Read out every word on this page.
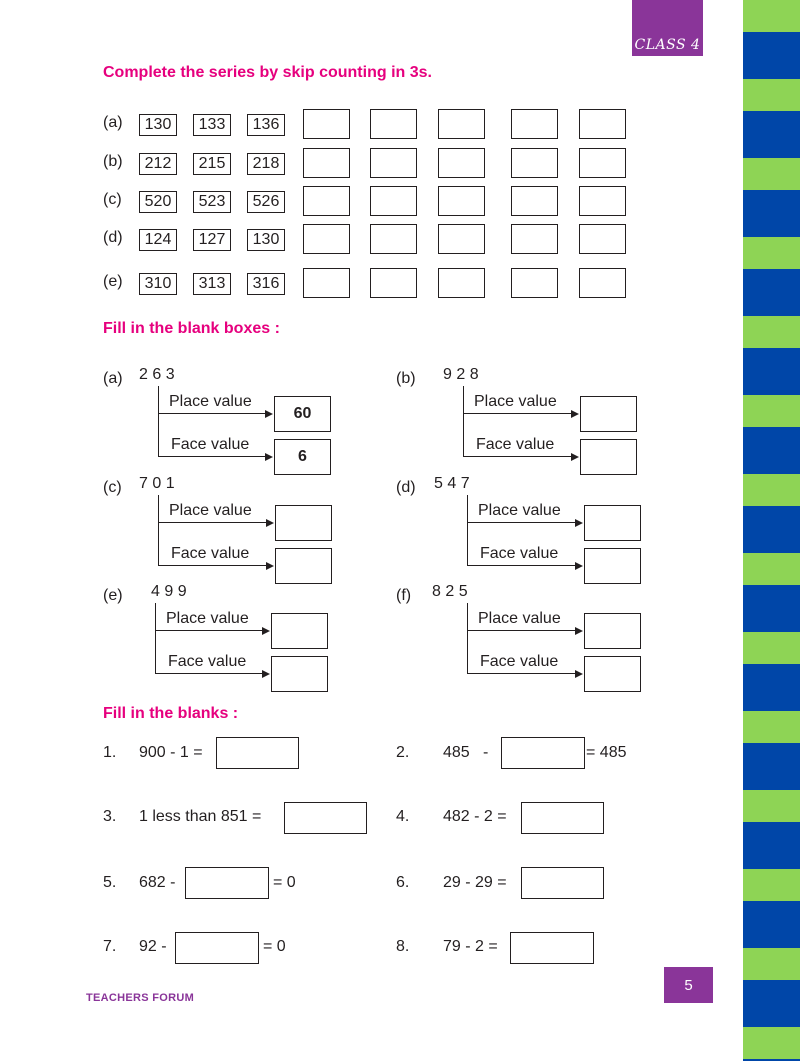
CLASS 4
Complete the series by skip counting in 3s.
(a)	130	133	136
(b)	212	215	218
(c)	520	523	526
(d)	124	127	130
(e)	310	313	316
Fill in the blank boxes :
(a) 2 6 3
Place value
60
Face value
6
(b) 9 2 8
Place value
Face value
(c) 7 0 1
Place value
Face value
(d) 5 4 7
Place value
Face value
(e) 4 9 9
Place value
Face value
(f) 8 2 5
Place value
Face value
Fill in the blanks :
1. 900 - 1 =	2. 485   -	= 485
3. 1 less than 851 =	4. 482 - 2 =
5. 682 -	= 0	6. 29 - 29 =
7. 92 -	= 0	8. 79 - 2 =
TEACHERS FORUM
5
